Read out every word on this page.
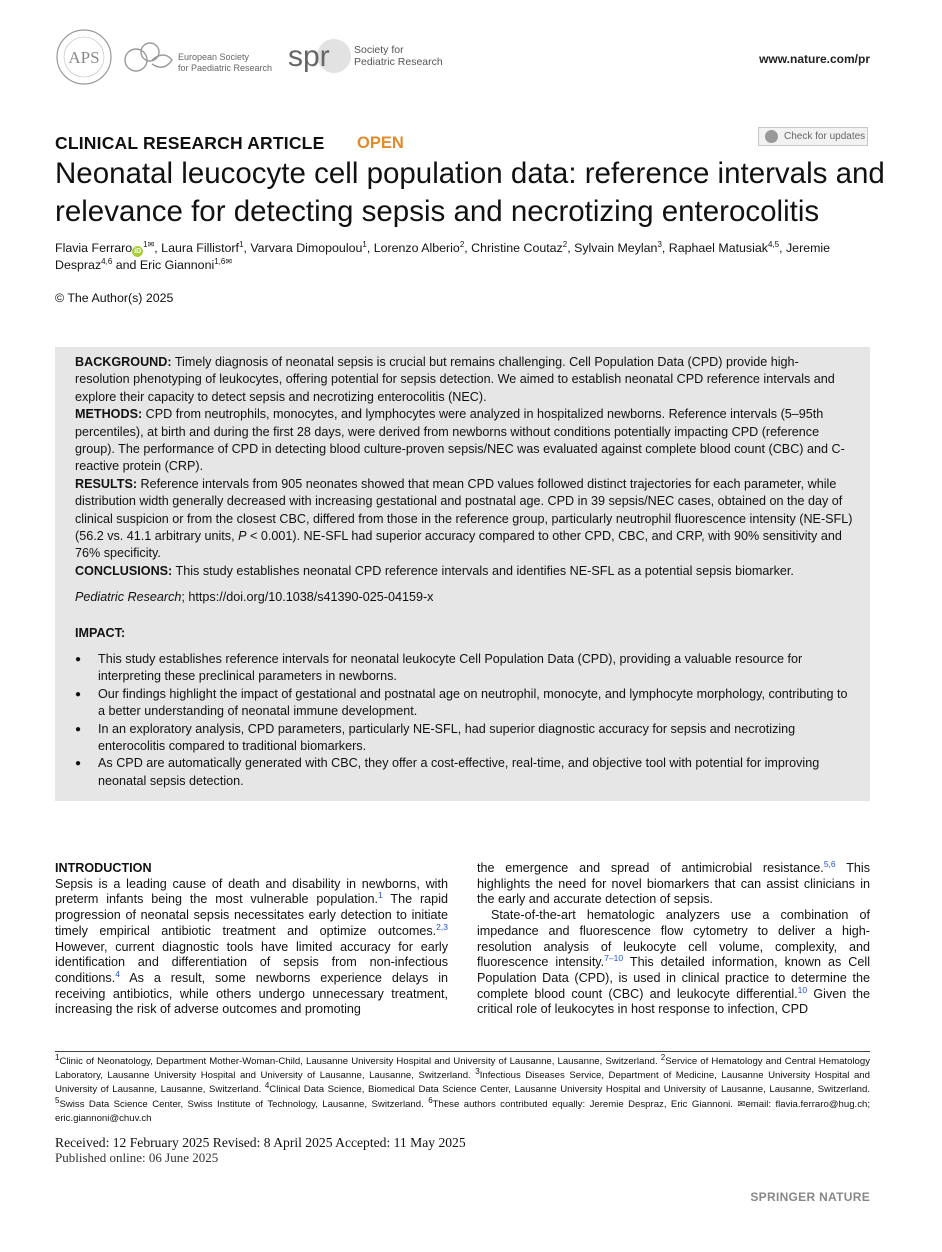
APS	European Society
for Paediatric Research spr Society for
Pediatric Research	www.nature.com/pr
CLINICAL RESEARCH ARTICLE OPEN	Check for updates
Neonatal leucocyte cell population data: reference intervals and relevance for detecting sepsis and necrotizing enterocolitis
Flavia Ferraro $iD^{1✉}$, Laura Fillistorf$^1$, Varvara Dimopoulou$^1$, Lorenzo Alberio$^2$, Christine Coutaz$^2$, Sylvain Meylan$^3$, Raphael Matusiak$^{4,5}$, Jeremie Despraz$^{4,6}$ and Eric Giannoni$^{1,6✉}$
© The Author(s) 2025
BACKGROUND: Timely diagnosis of neonatal sepsis is crucial but remains challenging. Cell Population Data (CPD) provide high-resolution phenotyping of leukocytes, offering potential for sepsis detection. We aimed to establish neonatal CPD reference intervals and explore their capacity to detect sepsis and necrotizing enterocolitis (NEC).
METHODS: CPD from neutrophils, monocytes, and lymphocytes were analyzed in hospitalized newborns. Reference intervals (5–95th percentiles), at birth and during the first 28 days, were derived from newborns without conditions potentially impacting CPD (reference group). The performance of CPD in detecting blood culture-proven sepsis/NEC was evaluated against complete blood count (CBC) and C-reactive protein (CRP).
RESULTS: Reference intervals from 905 neonates showed that mean CPD values followed distinct trajectories for each parameter, while distribution width generally decreased with increasing gestational and postnatal age. CPD in 39 sepsis/NEC cases, obtained on the day of clinical suspicion or from the closest CBC, differed from those in the reference group, particularly neutrophil fluorescence intensity (NE-SFL) (56.2 vs. 41.1 arbitrary units, P < 0.001). NE-SFL had superior accuracy compared to other CPD, CBC, and CRP, with 90% sensitivity and 76% specificity.
CONCLUSIONS: This study establishes neonatal CPD reference intervals and identifies NE-SFL as a potential sepsis biomarker.
Pediatric Research; https://doi.org/10.1038/s41390-025-04159-x
IMPACT:
● This study establishes reference intervals for neonatal leukocyte Cell Population Data (CPD), providing a valuable resource for interpreting these preclinical parameters in newborns.
● Our findings highlight the impact of gestational and postnatal age on neutrophil, monocyte, and lymphocyte morphology, contributing to a better understanding of neonatal immune development.
● In an exploratory analysis, CPD parameters, particularly NE-SFL, had superior diagnostic accuracy for sepsis and necrotizing enterocolitis compared to traditional biomarkers.
● As CPD are automatically generated with CBC, they offer a cost-effective, real-time, and objective tool with potential for improving neonatal sepsis detection.
INTRODUCTION

Sepsis is a leading cause of death and disability in newborns, with preterm infants being the most vulnerable population.$^1$ The rapid progression of neonatal sepsis necessitates early detection to initiate timely empirical antibiotic treatment and optimize outcomes.$^{2,3}$ However, current diagnostic tools have limited accuracy for early identification and differentiation of sepsis from non-infectious conditions.$^4$ As a result, some newborns experience delays in receiving antibiotics, while others undergo unnecessary treatment, increasing the risk of adverse outcomes and promoting

the emergence and spread of antimicrobial resistance.$^{5,6}$ This highlights the need for novel biomarkers that can assist clinicians in the early and accurate detection of sepsis.

State-of-the-art hematologic analyzers use a combination of impedance and fluorescence flow cytometry to deliver a high-resolution analysis of leukocyte cell volume, complexity, and fluorescence intensity.$^{7-10}$ This detailed information, known as Cell Population Data (CPD), is used in clinical practice to determine the complete blood count (CBC) and leukocyte differential.$^{10}$ Given the critical role of leukocytes in host response to infection, CPD

$^1$Clinic of Neonatology, Department Mother-Woman-Child, Lausanne University Hospital and University of Lausanne, Lausanne, Switzerland. $^2$Service of Hematology and Central Hematology Laboratory, Lausanne University Hospital and University of Lausanne, Lausanne, Switzerland. $^3$Infectious Diseases Service, Department of Medicine, Lausanne University Hospital and University of Lausanne, Lausanne, Switzerland. $^4$Clinical Data Science, Biomedical Data Science Center, Lausanne University Hospital and University of Lausanne, Lausanne, Switzerland. $^5$Swiss Data Science Center, Swiss Institute of Technology, Lausanne, Switzerland. $^6$These authors contributed equally: Jeremie Despraz, Eric Giannoni. ✉email: flavia.ferraro@hug.ch; eric.giannoni@chuv.ch
Received: 12 February 2025 Revised: 8 April 2025 Accepted: 11 May 2025
Published online: 06 June 2025
SPRINGER NATURE
